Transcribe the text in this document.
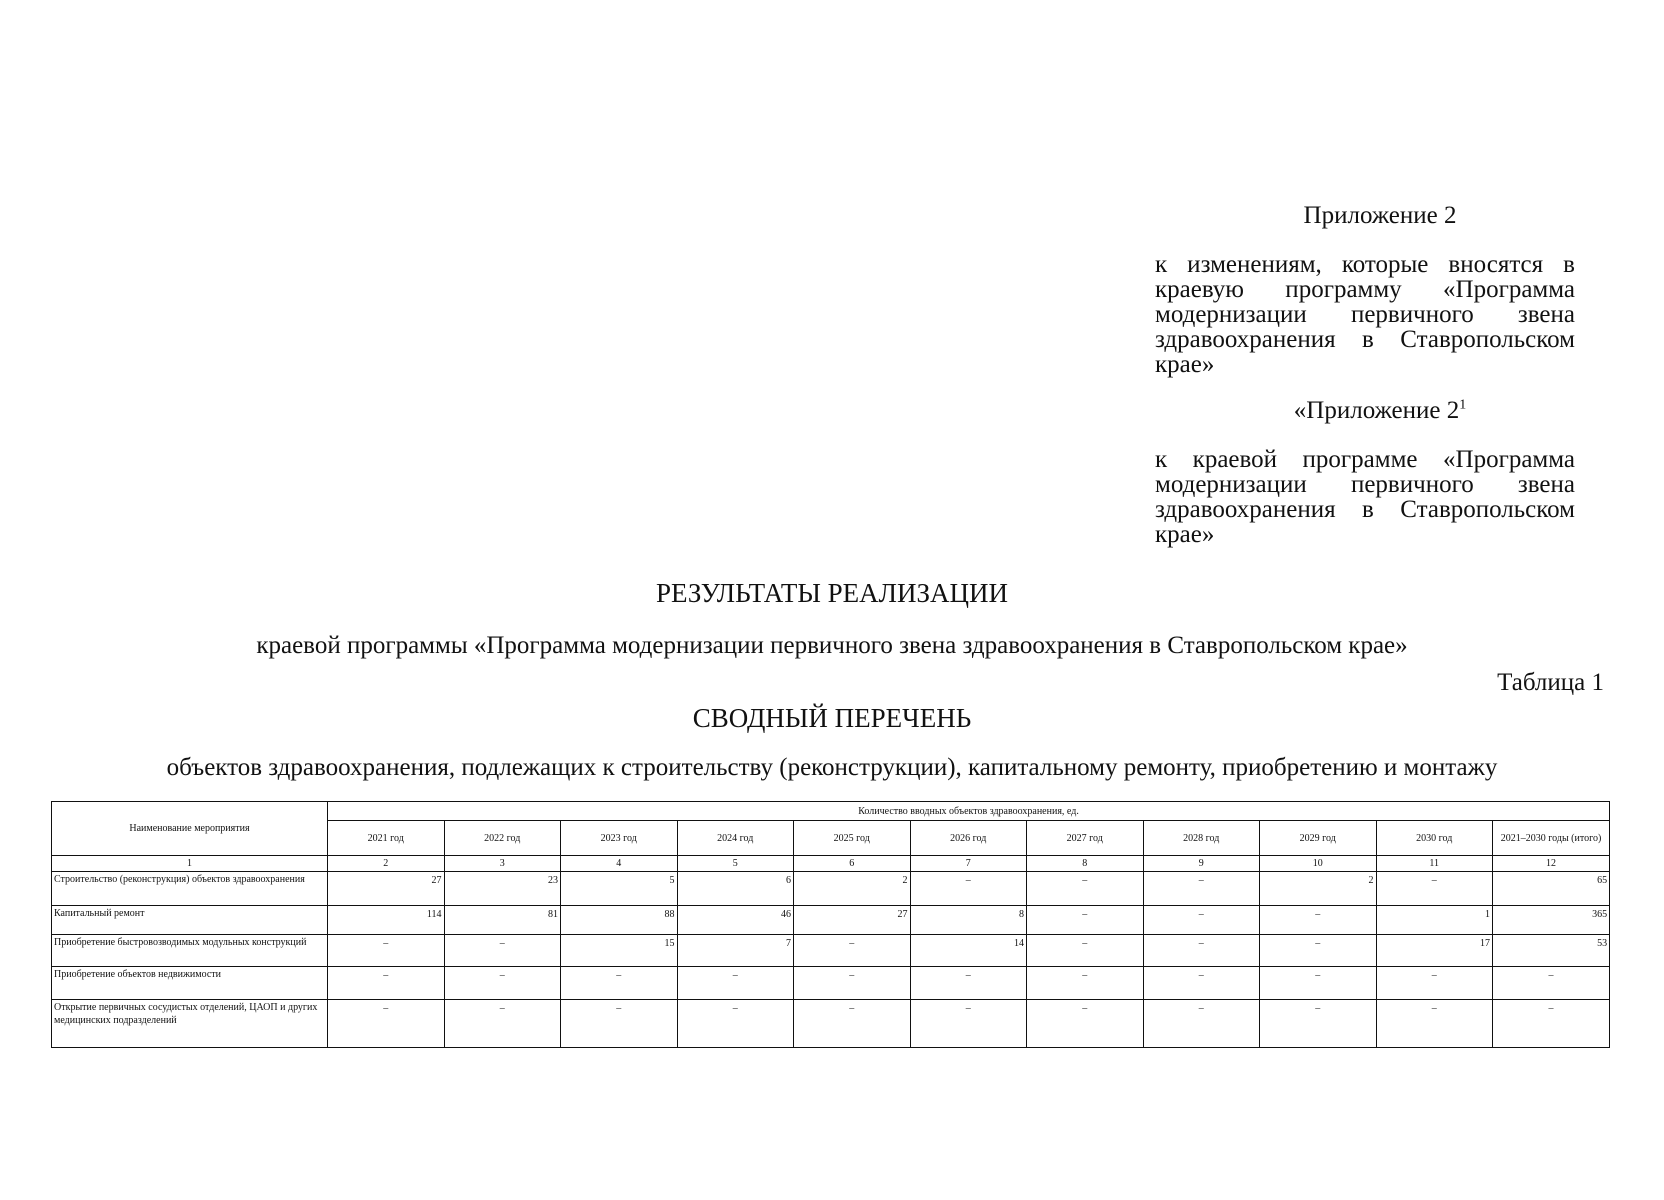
Приложение 2
к изменениям, которые вносятся в краевую программу «Программа модернизации первичного звена здравоохранения в Ставропольском крае»
«Приложение $2^1$
к краевой программе «Программа модернизации первичного звена здравоохранения в Ставропольском крае»
РЕЗУЛЬТАТЫ РЕАЛИЗАЦИИ
краевой программы «Программа модернизации первичного звена здравоохранения в Ставропольском крае»
Таблица 1
СВОДНЫЙ ПЕРЕЧЕНЬ
объектов здравоохранения, подлежащих к строительству (реконструкции), капитальному ремонту, приобретению и монтажу
Наименование мероприятия	Количество вводных объектов здравоохранения, ед.										
	2021 год	2022 год	2023 год	2024 год	2025 год	2026 год	2027 год	2028 год	2029 год	2030 год	2021–2030 годы (итого)
1	2	3	4	5	6	7	8	9	10	11	12
Строительство (реконструкция) объектов здравоохранения	27	23	5	6	2	–	–	–	2	–	65
Капитальный ремонт	114	81	88	46	27	8	–	–	–	1	365
Приобретение быстровозводимых модульных конструкций	–	–	15	7	–	14	–	–	–	17	53
Приобретение объектов недвижимости	–	–	–	–	–	–	–	–	–	–	–
Открытие первичных сосудистых отделений, ЦАОП и других медицинских подразделений	–	–	–	–	–	–	–	–	–	–	–
